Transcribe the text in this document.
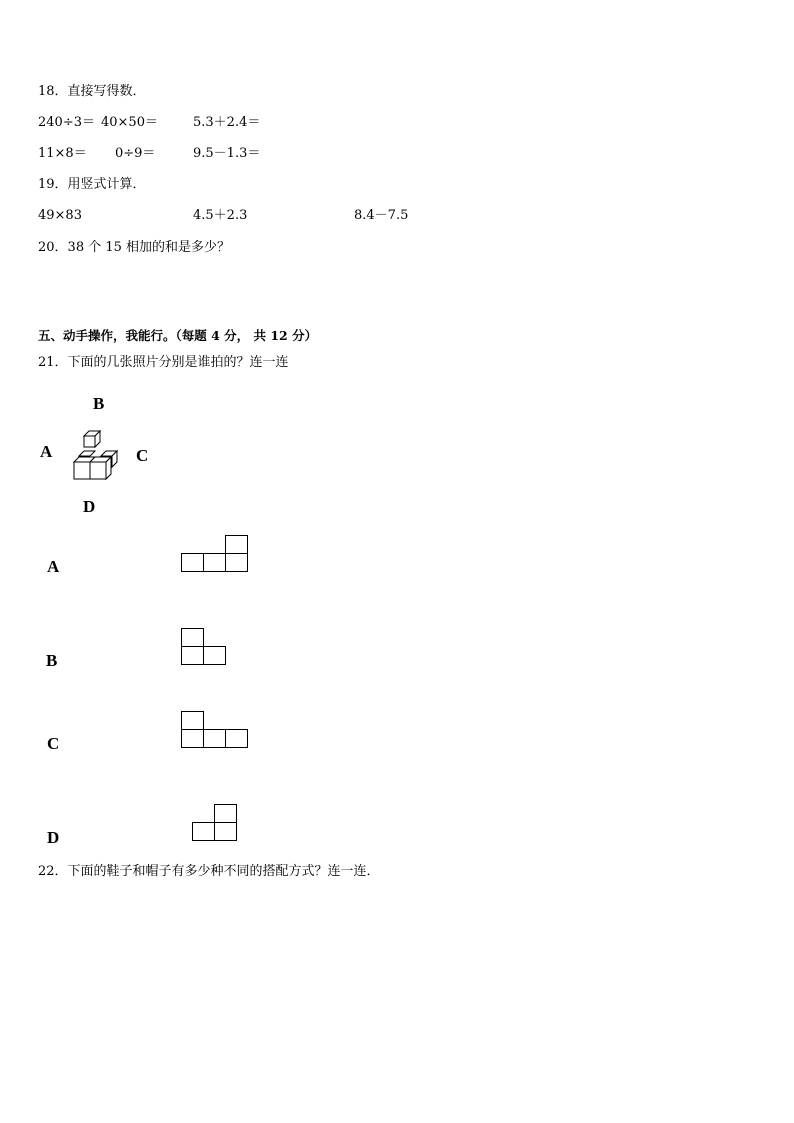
18．直接写得数．
240÷3＝ 40×50＝	5.3＋2.4＝
11×8＝ 0÷9＝	9.5－1.3＝
19．用竖式计算．
49×83	4.5＋2.3	8.4－7.5
20．38 个 15 相加的和是多少？
五、动手操作，我能行。（每题 4 分， 共 12 分）
21．下面的几张照片分别是谁拍的？连一连
B
A	C
D
A
B
C
D
22．下面的鞋子和帽子有多少种不同的搭配方式？连一连．
